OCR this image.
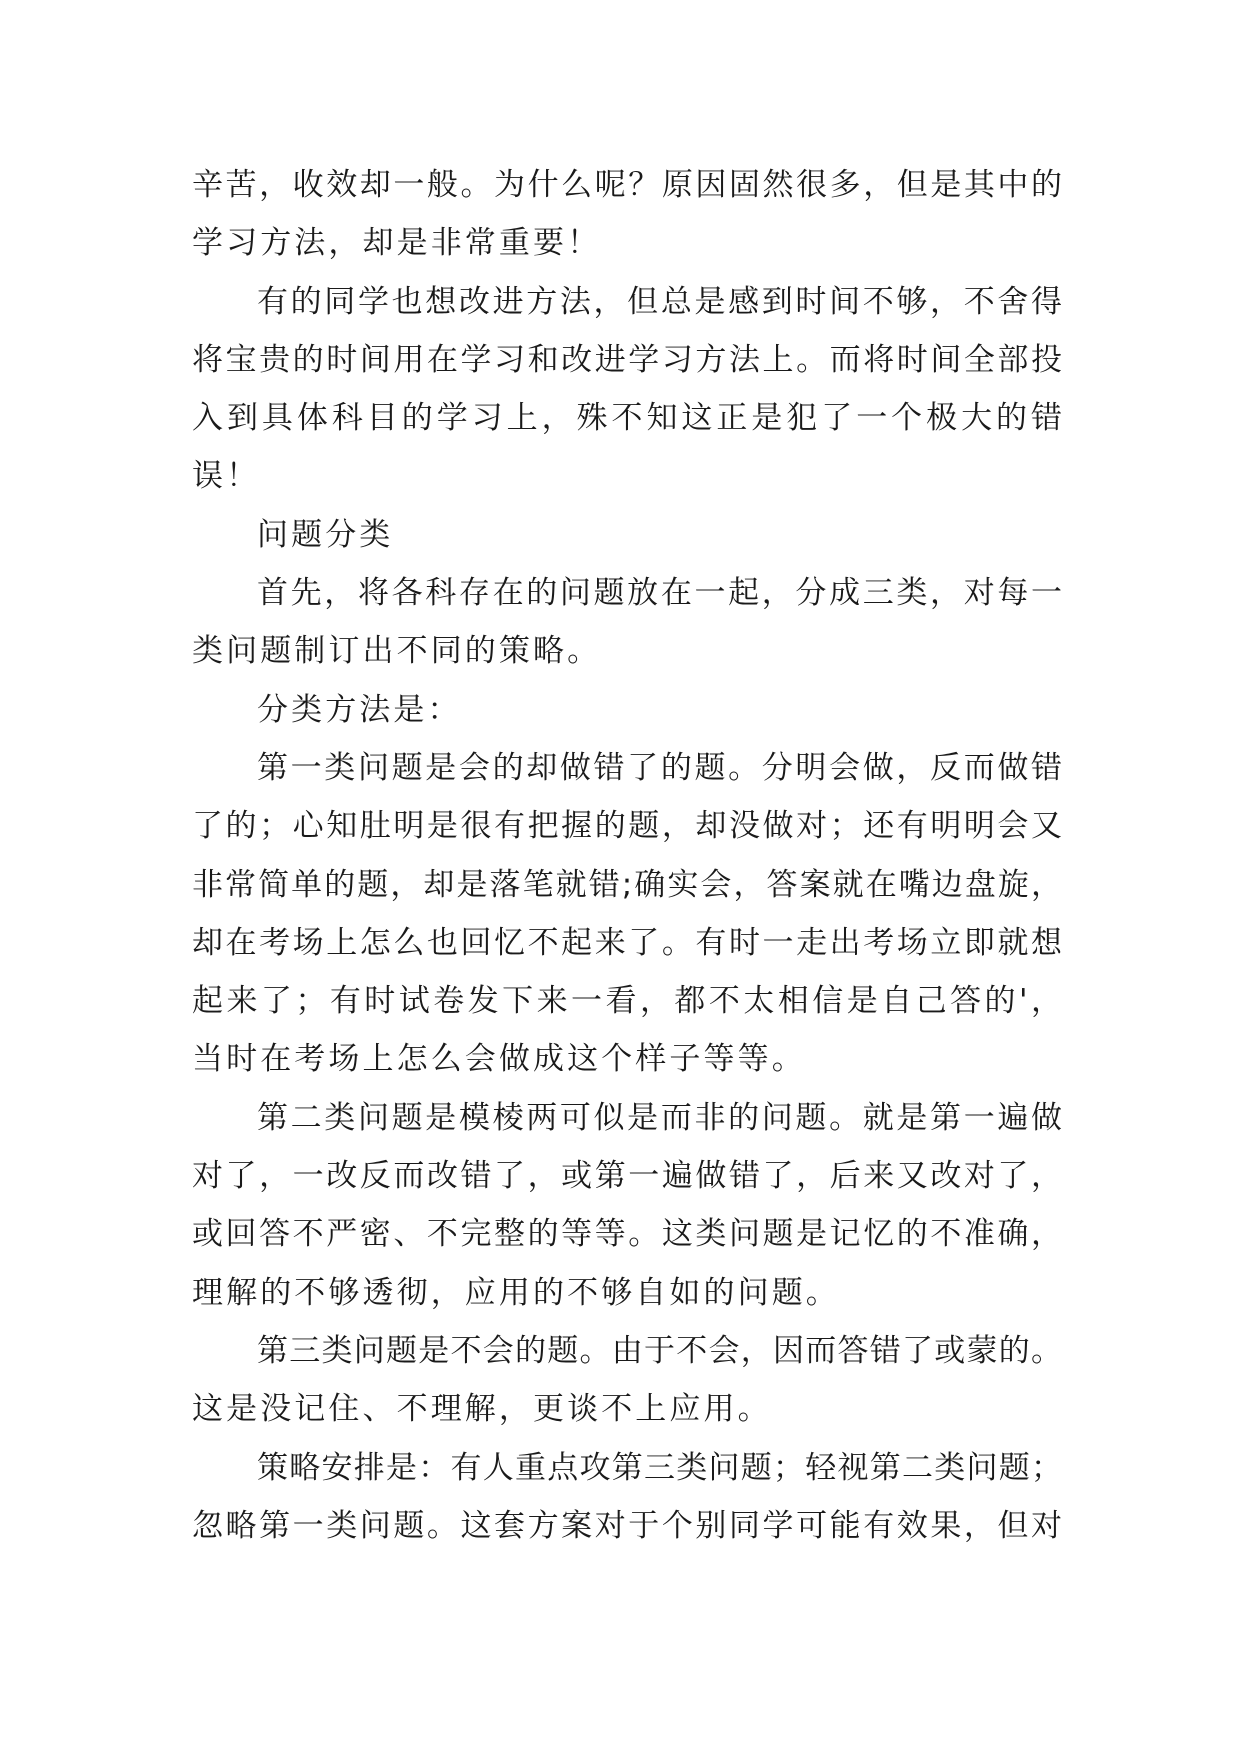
辛苦，收效却一般。为什么呢？原因固然很多，但是其中的
学习方法，却是非常重要！
有的同学也想改进方法，但总是感到时间不够，不舍得
将宝贵的时间用在学习和改进学习方法上。而将时间全部投
入到具体科目的学习上，殊不知这正是犯了一个极大的错
误！
问题分类
首先，将各科存在的问题放在一起，分成三类，对每一
类问题制订出不同的策略。
分类方法是：
第一类问题是会的却做错了的题。分明会做，反而做错
了的；心知肚明是很有把握的题，却没做对；还有明明会又
非常简单的题，却是落笔就错;确实会，答案就在嘴边盘旋，
却在考场上怎么也回忆不起来了。有时一走出考场立即就想
起来了；有时试卷发下来一看，都不太相信是自己答的'，
当时在考场上怎么会做成这个样子等等。
第二类问题是模棱两可似是而非的问题。就是第一遍做
对了，一改反而改错了，或第一遍做错了，后来又改对了，
或回答不严密、不完整的等等。这类问题是记忆的不准确，
理解的不够透彻，应用的不够自如的问题。
第三类问题是不会的题。由于不会，因而答错了或蒙的。
这是没记住、不理解，更谈不上应用。
策略安排是：有人重点攻第三类问题；轻视第二类问题；
忽略第一类问题。这套方案对于个别同学可能有效果，但对
